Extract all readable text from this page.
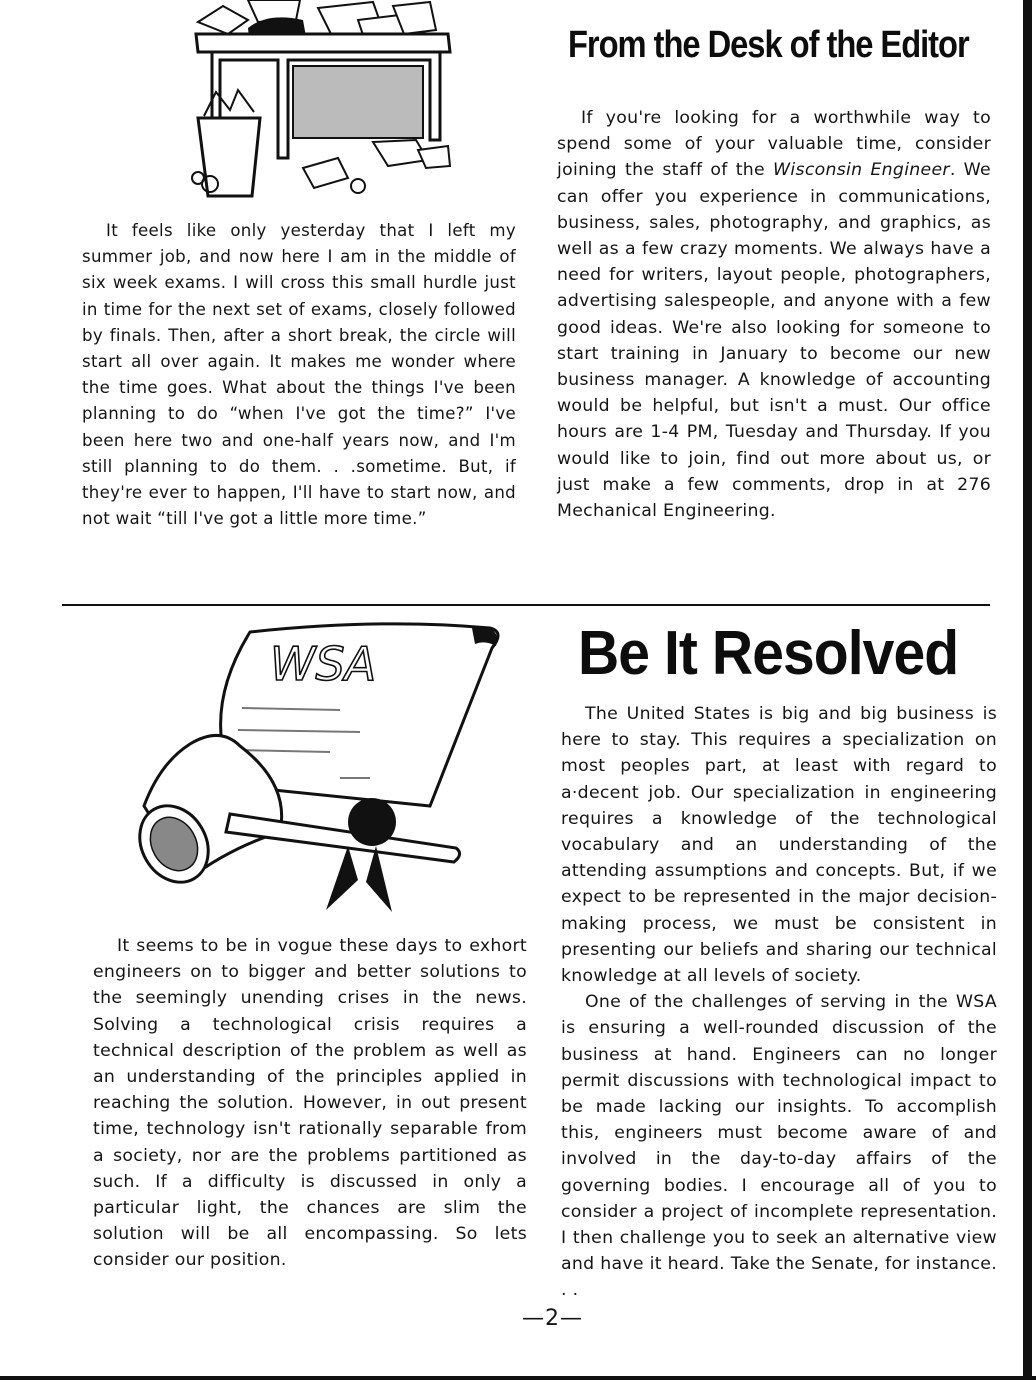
From the Desk of the Editor

It feels like only yesterday that I left my summer job, and now here I am in the middle of six week exams. I will cross this small hurdle just in time for the next set of exams, closely followed by finals. Then, after a short break, the circle will start all over again. It makes me wonder where the time goes. What about the things I've been planning to do “when I've got the time?” I've been here two and one-half years now, and I'm still planning to do them. . .sometime. But, if they're ever to happen, I'll have to start now, and not wait “till I've got a little more time.”

If you're looking for a worthwhile way to spend some of your valuable time, consider joining the staff of the Wisconsin Engineer. We can offer you experience in communications, business, sales, photography, and graphics, as well as a few crazy moments. We always have a need for writers, layout people, photographers, advertising salespeople, and anyone with a few good ideas. We're also looking for someone to start training in January to become our new business manager. A knowledge of accounting would be helpful, but isn't a must. Our office hours are 1-4 PM, Tuesday and Thursday. If you would like to join, find out more about us, or just make a few comments, drop in at 276 Mechanical Engineering.

WSA	Be It Resolved

It seems to be in vogue these days to exhort engineers on to bigger and better solutions to the seemingly unending crises in the news. Solving a technological crisis requires a technical description of the problem as well as an understanding of the principles applied in reaching the solution. However, in out present time, technology isn't rationally separable from a society, nor are the problems partitioned as such. If a difficulty is discussed in only a particular light, the chances are slim the solution will be all encompassing. So lets consider our position.

The United States is big and big business is here to stay. This requires a specialization on most peoples part, at least with regard to a·decent job. Our specialization in engineering requires a knowledge of the technological vocabulary and an understanding of the attending assumptions and concepts. But, if we expect to be represented in the major decision-making process, we must be consistent in presenting our beliefs and sharing our technical knowledge at all levels of society.

One of the challenges of serving in the WSA is ensuring a well-rounded discussion of the business at hand. Engineers can no longer permit discussions with technological impact to be made lacking our insights. To accomplish this, engineers must become aware of and involved in the day-to-day affairs of the governing bodies. I encourage all of you to consider a project of incomplete representation. I then challenge you to seek an alternative view and have it heard. Take the Senate, for instance. . .

—2—
